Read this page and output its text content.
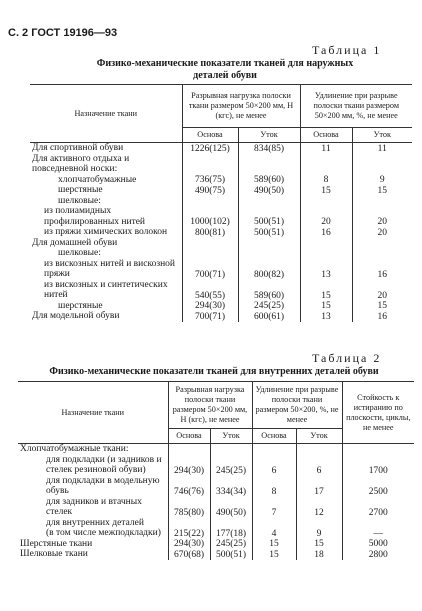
С. 2 ГОСТ 19196—93
Таблица 1
Физико-механические показатели тканей для наружных
деталей обуви
Назначение ткани	Разрывная нагрузка полоски ткани размером 50×200 мм, Н (кгс), не менее		Удлинение при разрыве полоски ткани размером 50×200 мм, %, не менее	
	Основа	Уток	Основа	Уток
Для спортивной обуви	1226(125)	834(85)	11	11
Для активного отдыха и повседневной носки:				
хлопчатобумажные	736(75)	589(60)	8	9
шерстяные	490(75)	490(50)	15	15
шелковые:				
из полиамидных профилированных нитей	1000(102)	500(51)	20	20
из пряжи химических волокон	800(81)	500(51)	16	20
Для домашней обуви				
шелковые:				
из вискозных нитей и вискозной пряжи	700(71)	800(82)	13	16
из вискозных и синтетических нитей	540(55)	589(60)	15	20
шерстяные	294(30)	245(25)	15	15
Для модельной обуви	700(71)	600(61)	13	16
Таблица 2
Физико-механические показатели тканей для внутренних деталей обуви
Назначение ткани	Разрывная нагрузка полоски ткани размером 50×200 мм, Н (кгс), не менее		Удлинение при разрыве полоски ткани размером 50×200, %, не менее		Стойкость к истиранию по плоскости, циклы, не менее
	Основа	Уток	Основа	Уток	
Хлопчатобумажные ткани:					
для подкладки (и задников и стелек резиновой обуви)	294(30)	245(25)	6	6	1700
для подкладки в модельную обувь	746(76)	334(34)	8	17	2500
для задников и втачных стелек	785(80)	490(50)	7	12	2700
для внутренних деталей					
(в том числе межподкладки)	215(22)	177(18)	4	9	—
Шерстяные ткани	294(30)	245(25)	15	15	5000
Шелковые ткани	670(68)	500(51)	15	18	2800
